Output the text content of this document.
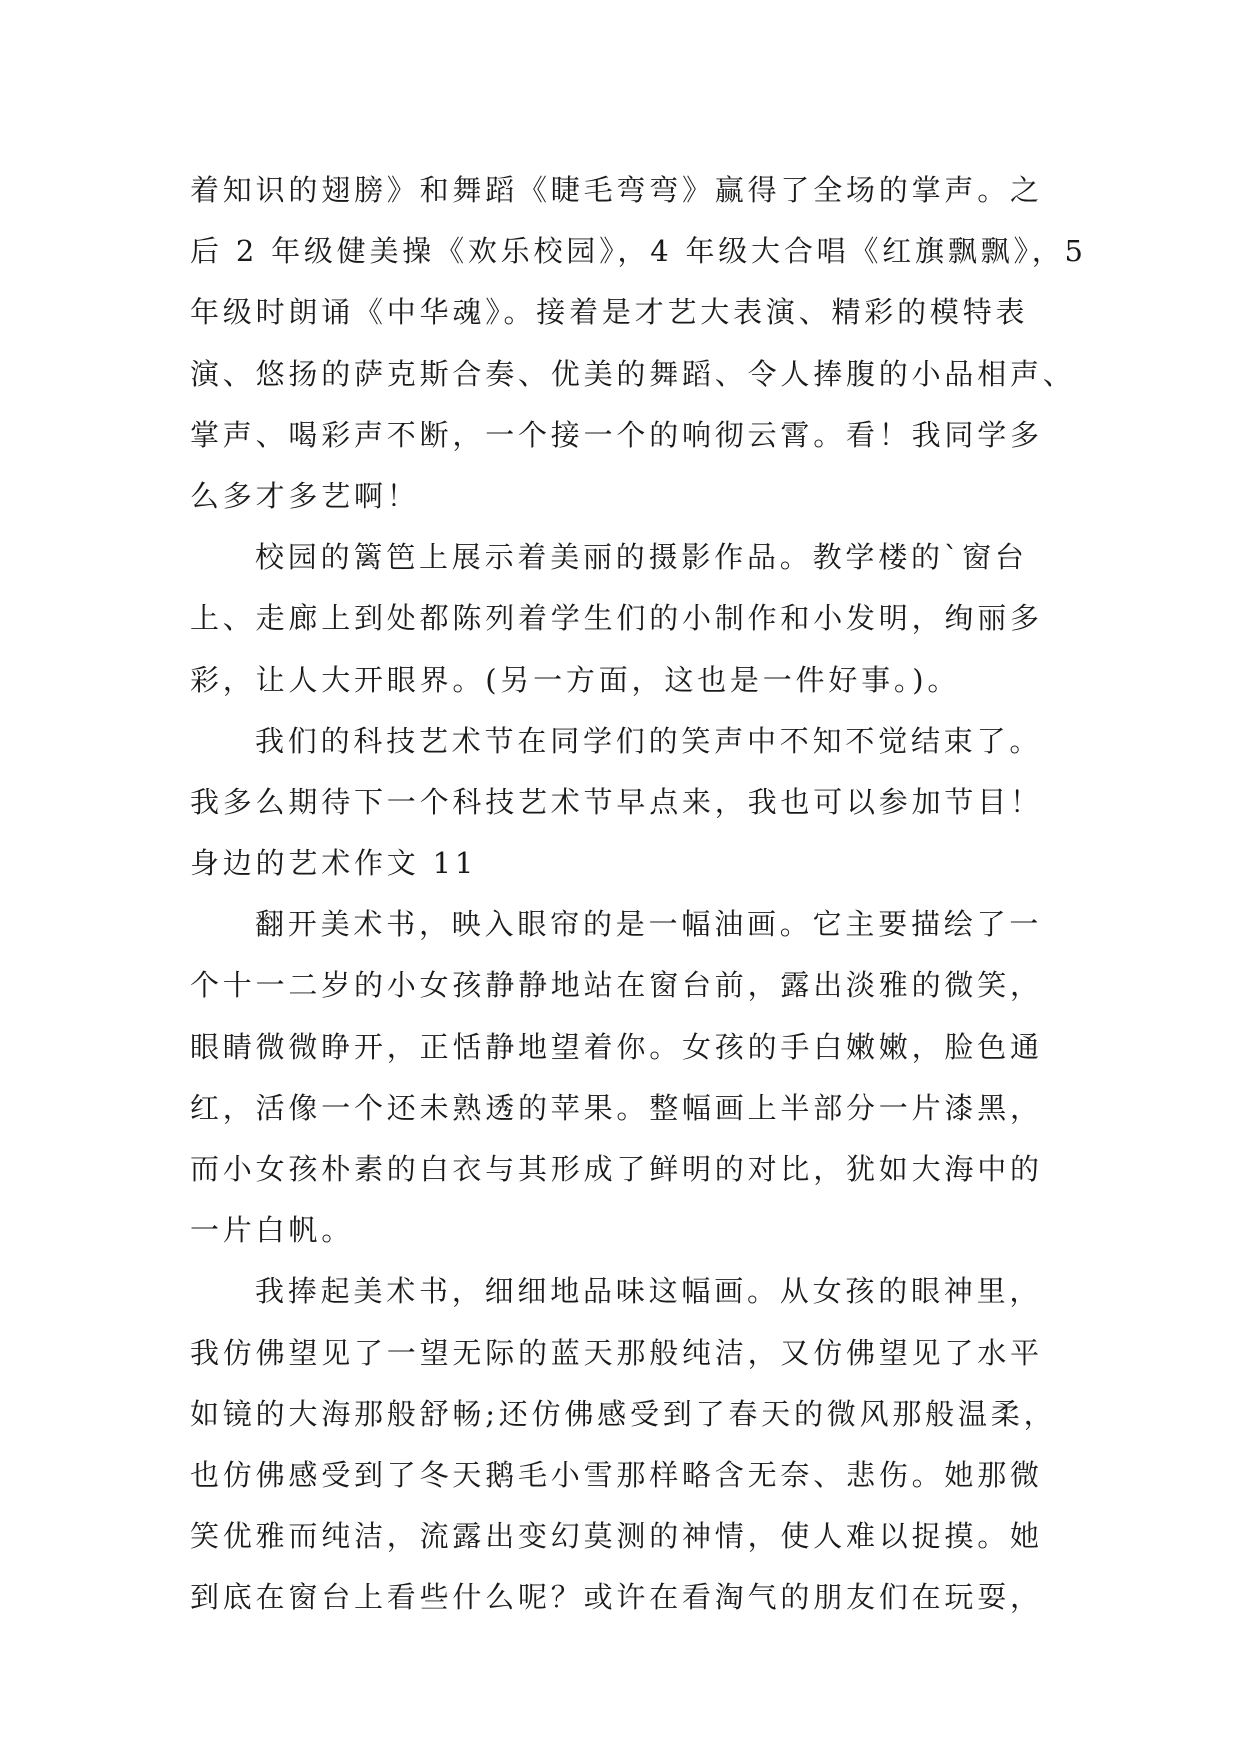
着知识的翅膀》和舞蹈《睫毛弯弯》赢得了全场的掌声。之
后 2 年级健美操《欢乐校园》，4 年级大合唱《红旗飘飘》，5
年级时朗诵《中华魂》。接着是才艺大表演、精彩的模特表
演、悠扬的萨克斯合奏、优美的舞蹈、令人捧腹的小品相声、
掌声、喝彩声不断，一个接一个的响彻云霄。看！我同学多
么多才多艺啊！
校园的篱笆上展示着美丽的摄影作品。教学楼的`窗台
上、走廊上到处都陈列着学生们的小制作和小发明，绚丽多
彩，让人大开眼界。(另一方面，这也是一件好事。)。
我们的科技艺术节在同学们的笑声中不知不觉结束了。
我多么期待下一个科技艺术节早点来，我也可以参加节目！
身边的艺术作文 11
翻开美术书，映入眼帘的是一幅油画。它主要描绘了一
个十一二岁的小女孩静静地站在窗台前，露出淡雅的微笑，
眼睛微微睁开，正恬静地望着你。女孩的手白嫩嫩，脸色通
红，活像一个还未熟透的苹果。整幅画上半部分一片漆黑，
而小女孩朴素的白衣与其形成了鲜明的对比，犹如大海中的
一片白帆。
我捧起美术书，细细地品味这幅画。从女孩的眼神里，
我仿佛望见了一望无际的蓝天那般纯洁，又仿佛望见了水平
如镜的大海那般舒畅;还仿佛感受到了春天的微风那般温柔，
也仿佛感受到了冬天鹅毛小雪那样略含无奈、悲伤。她那微
笑优雅而纯洁，流露出变幻莫测的神情，使人难以捉摸。她
到底在窗台上看些什么呢？或许在看淘气的朋友们在玩耍，
